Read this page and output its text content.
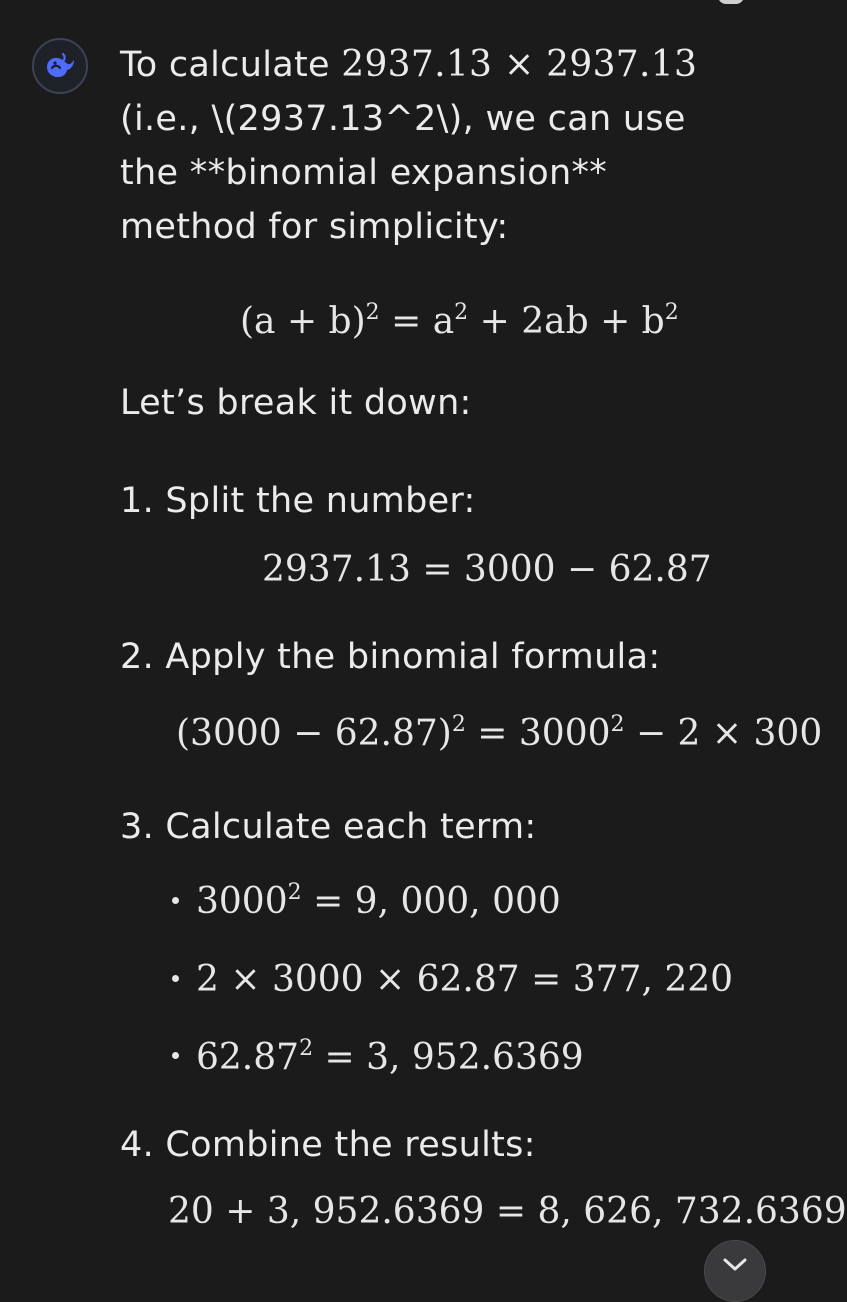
To calculate 2937.13 × 2937.13
(i.e., \(2937.13^2\), we can use
the **binomial expansion**
method for simplicity:
$(a + b)^2 = a^2 + 2ab + b^2$
Let’s break it down:
1. Split the number:
2937.13 = 3000 − 62.87
2. Apply the binomial formula:
$(3000 - 62.87)^2 = 3000^2 - 2 \times 300$
3. Calculate each term:
$3000^2 = 9$, 000, 000
2 × 3000 × 62.87 = 377, 220
$62.87^2 = 3$, 952.6369
4. Combine the results:
20 + 3, 952.6369 = 8, 626, 732.6369
